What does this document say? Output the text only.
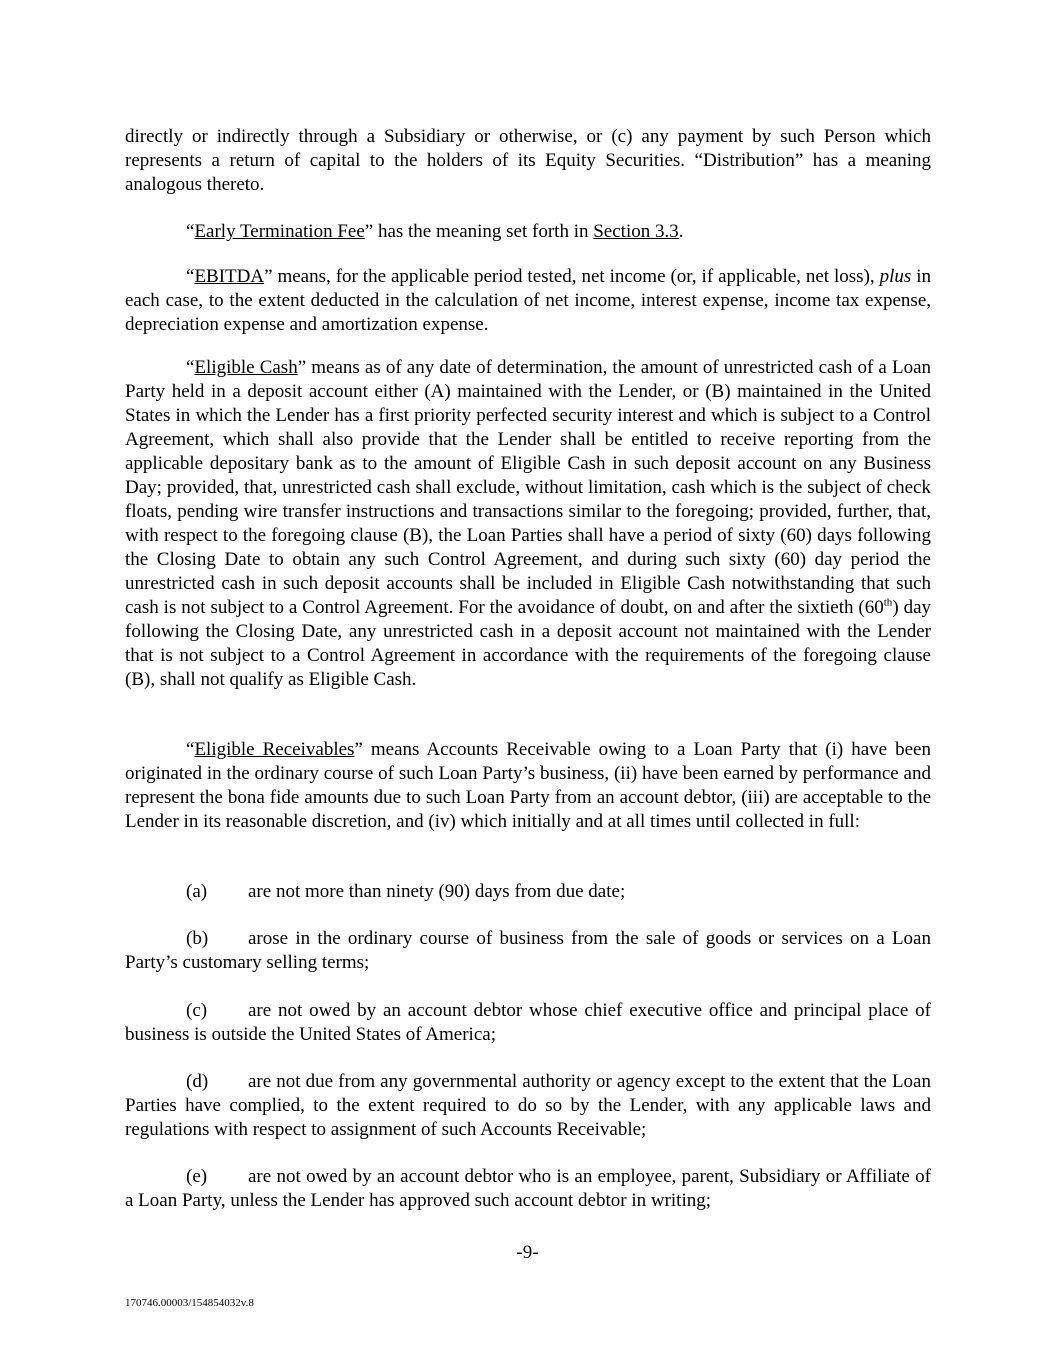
directly or indirectly through a Subsidiary or otherwise, or (c) any payment by such Person which represents a return of capital to the holders of its Equity Securities. “Distribution” has a meaning analogous thereto.

“Early Termination Fee” has the meaning set forth in Section 3.3.

“EBITDA” means, for the applicable period tested, net income (or, if applicable, net loss), plus in each case, to the extent deducted in the calculation of net income, interest expense, income tax expense, depreciation expense and amortization expense.

“Eligible Cash” means as of any date of determination, the amount of unrestricted cash of a Loan Party held in a deposit account either (A) maintained with the Lender, or (B) maintained in the United States in which the Lender has a first priority perfected security interest and which is subject to a Control Agreement, which shall also provide that the Lender shall be entitled to receive reporting from the applicable depositary bank as to the amount of Eligible Cash in such deposit account on any Business Day; provided, that, unrestricted cash shall exclude, without limitation, cash which is the subject of check floats, pending wire transfer instructions and transactions similar to the foregoing; provided, further, that, with respect to the foregoing clause (B), the Loan Parties shall have a period of sixty (60) days following the Closing Date to obtain any such Control Agreement, and during such sixty (60) day period the unrestricted cash in such deposit accounts shall be included in Eligible Cash notwithstanding that such cash is not subject to a Control Agreement. For the avoidance of doubt, on and after the sixtieth (60th) day following the Closing Date, any unrestricted cash in a deposit account not maintained with the Lender that is not subject to a Control Agreement in accordance with the requirements of the foregoing clause (B), shall not qualify as Eligible Cash.

“Eligible Receivables” means Accounts Receivable owing to a Loan Party that (i) have been originated in the ordinary course of such Loan Party’s business, (ii) have been earned by performance and represent the bona fide amounts due to such Loan Party from an account debtor, (iii) are acceptable to the Lender in its reasonable discretion, and (iv) which initially and at all times until collected in full:

(a) are not more than ninety (90) days from due date;

(b) arose in the ordinary course of business from the sale of goods or services on a Loan Party’s customary selling terms;

(c) are not owed by an account debtor whose chief executive office and principal place of business is outside the United States of America;

(d) are not due from any governmental authority or agency except to the extent that the Loan Parties have complied, to the extent required to do so by the Lender, with any applicable laws and regulations with respect to assignment of such Accounts Receivable;

(e) are not owed by an account debtor who is an employee, parent, Subsidiary or Affiliate of a Loan Party, unless the Lender has approved such account debtor in writing;

-9-

170746.00003/154854032v.8
